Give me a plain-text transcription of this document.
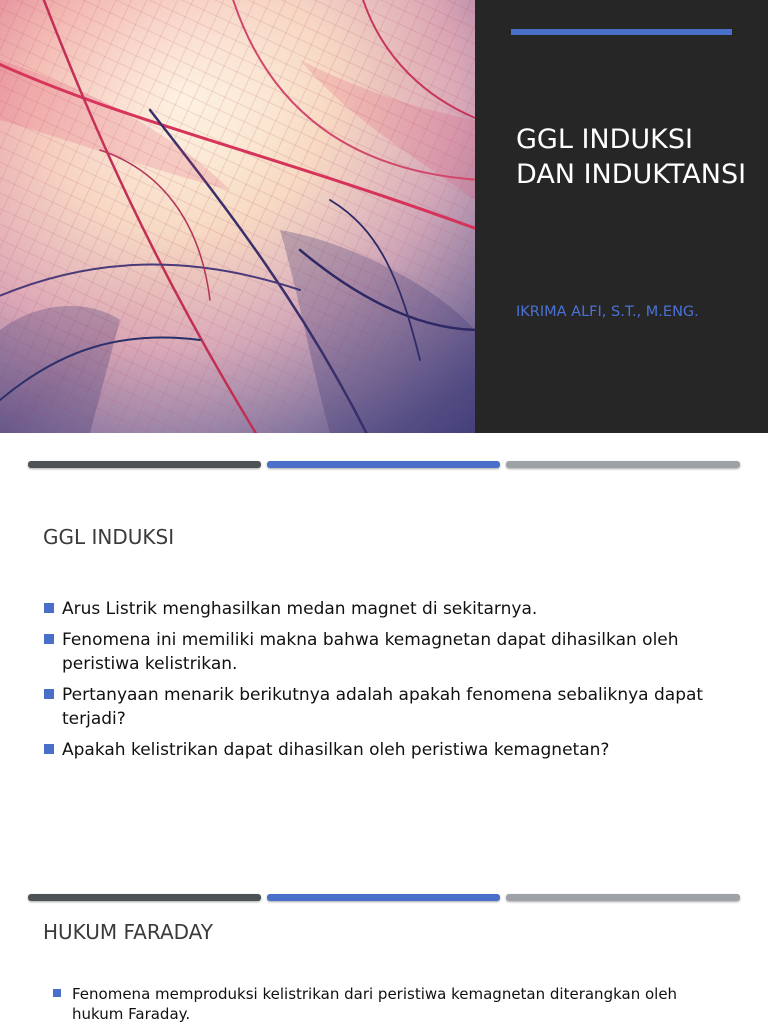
GGL INDUKSI DAN INDUKTANSI
IKRIMA ALFI, S.T., M.ENG.
GGL INDUKSI
Arus Listrik menghasilkan medan magnet di sekitarnya.
Fenomena ini memiliki makna bahwa kemagnetan dapat dihasilkan oleh peristiwa kelistrikan.
Pertanyaan menarik berikutnya adalah apakah fenomena sebaliknya dapat terjadi?
Apakah kelistrikan dapat dihasilkan oleh peristiwa kemagnetan?
HUKUM FARADAY
Fenomena memproduksi kelistrikan dari peristiwa kemagnetan diterangkan oleh hukum Faraday.
